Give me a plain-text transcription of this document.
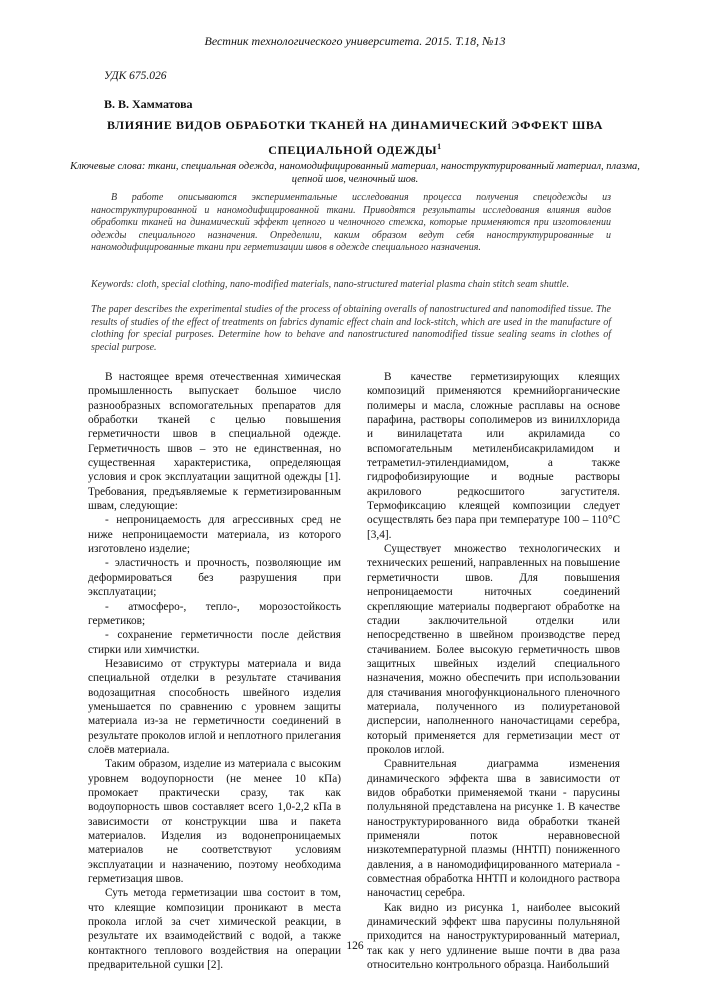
Вестник технологического университета. 2015. Т.18, №13
УДК 675.026
В. В. Хамматова
ВЛИЯНИЕ ВИДОВ ОБРАБОТКИ ТКАНЕЙ НА ДИНАМИЧЕСКИЙ ЭФФЕКТ ШВА
СПЕЦИАЛЬНОЙ ОДЕЖДЫ$^1$
Ключевые слова: ткани, специальная одежда, наномодифицированный материал, наноструктурированный материал, плазма, цепной шов, челночный шов.
В работе описываются экспериментальные исследования процесса получения спецодежды из наноструктурированной и наномодифицированной ткани. Приводятся результаты исследования влияния видов обработки тканей на динамический эффект цепного и челночного стежка, которые применяются при изготовлении одежды специального назначения. Определили, каким образом ведут себя наноструктурированные и наномодифицированные ткани при герметизации швов в одежде специального назначения.
Keywords: cloth, special clothing, nano-modified materials, nano-structured material plasma chain stitch seam shuttle.
The paper describes the experimental studies of the process of obtaining overalls of nanostructured and nanomodified tissue. The results of studies of the effect of treatments on fabrics dynamic effect chain and lock-stitch, which are used in the manufacture of clothing for special purposes. Determine how to behave and nanostructured nanomodified tissue sealing seams in clothes of special purpose.

В настоящее время отечественная химическая промышленность выпускает большое число разнообразных вспомогательных препаратов для обработки тканей с целью повышения герметичности швов в специальной одежде. Герметичность швов – это не единственная, но существенная характеристика, определяющая условия и срок эксплуатации защитной одежды [1]. Требования, предъявляемые к герметизированным швам, следующие:

- непроницаемость для агрессивных сред не ниже непроницаемости материала, из которого изготовлено изделие;

- эластичность и прочность, позволяющие им деформироваться без разрушения при эксплуатации;

- атмосферо-, тепло-, морозостойкость герметиков;

- сохранение герметичности после действия стирки или химчистки.

Независимо от структуры материала и вида специальной отделки в результате стачивания водозащитная способность швейного изделия уменьшается по сравнению с уровнем защиты материала из-за не герметичности соединений в результате проколов иглой и неплотного прилегания слоёв материала.

Таким образом, изделие из материала с высоким уровнем водоупорности (не менее 10 кПа) промокает практически сразу, так как водоупорность швов составляет всего 1,0-2,2 кПа в зависимости от конструкции шва и пакета материалов. Изделия из водонепроницаемых материалов не соответствуют условиям эксплуатации и назначению, поэтому необходима герметизация швов.

Суть метода герметизации шва состоит в том, что клеящие композиции проникают в места прокола иглой за счет химической реакции, в результате их взаимодействий с водой, а также контактного теплового воздействия на операции предварительной сушки [2].

В качестве герметизирующих клеящих композиций применяются кремнийорганические полимеры и масла, сложные расплавы на основе парафина, растворы сополимеров из винилхлорида и винилацетата или акриламида со вспомогательным метиленбисакриламидом и тетраметил-этилендиамидом, а также гидрофобизирующие и водные растворы акрилового редкосшитого загустителя. Термофиксацию клеящей композиции следует осуществлять без пара при температуре 100 – 110°С [3,4].

Существует множество технологических и технических решений, направленных на повышение герметичности швов. Для повышения непроницаемости ниточных соединений скрепляющие материалы подвергают обработке на стадии заключительной отделки или непосредственно в швейном производстве перед стачиванием. Более высокую герметичность швов защитных швейных изделий специального назначения, можно обеспечить при использовании для стачивания многофункционального пленочного материала, полученного из полиуретановой дисперсии, наполненного наночастицами серебра, который применяется для герметизации мест от проколов иглой.

Сравнительная диаграмма изменения динамического эффекта шва в зависимости от видов обработки применяемой ткани - парусины полульняной представлена на рисунке 1. В качестве наноструктурированного вида обработки тканей применяли поток неравновесной низкотемпературной плазмы (ННТП) пониженного давления, а в наномодифицированного материала - совместная обработка ННТП и колоидного раствора наночастиц серебра.

Как видно из рисунка 1, наиболее высокий динамический эффект шва парусины полульняной приходится на наноструктурированный материал, так как у него удлинение выше почти в два раза относительно контрольного образца. Наибольший

126
